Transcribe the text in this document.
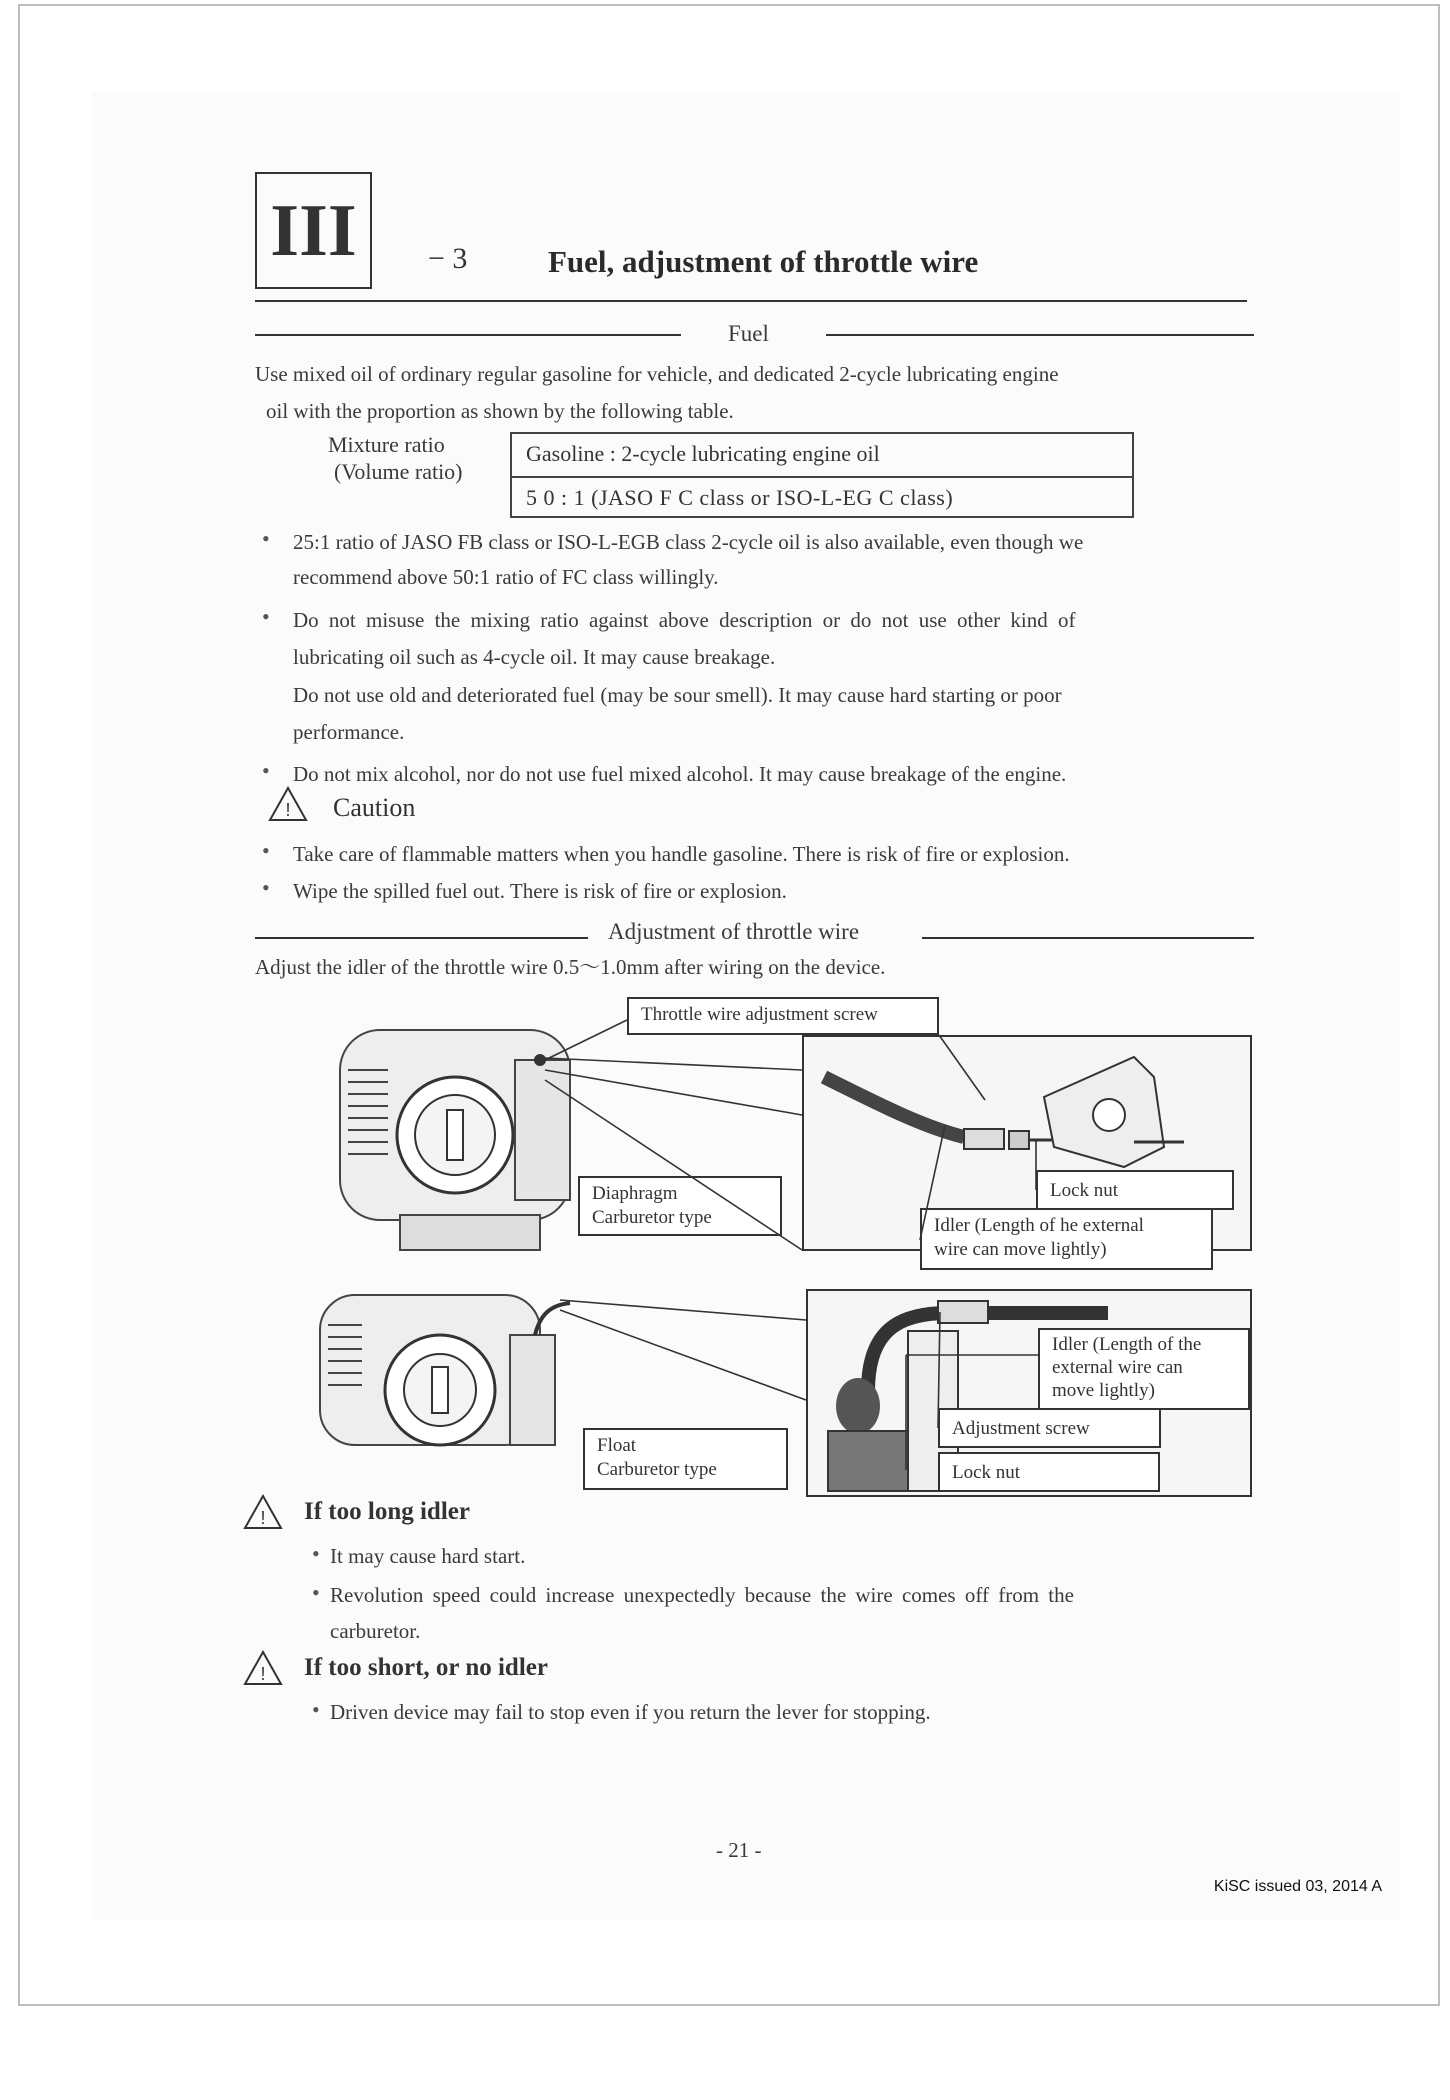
III	− 3	Fuel, adjustment of throttle wire
Fuel
Use mixed oil of ordinary regular gasoline for vehicle, and dedicated 2-cycle lubricating engine
oil with the proportion as shown by the following table.
Mixture ratio
(Volume ratio)
Gasoline : 2-cycle lubricating engine oil
5 0 : 1 (JASO F C class or ISO-L-EG C class)
• 25:1 ratio of JASO FB class or ISO-L-EGB class 2-cycle oil is also available, even though we
recommend above 50:1 ratio of FC class willingly.
• Do not misuse the mixing ratio against above description or do not use other kind of
lubricating oil such as 4-cycle oil. It may cause breakage.
Do not use old and deteriorated fuel (may be sour smell). It may cause hard starting or poor
performance.
• Do not mix alcohol, nor do not use fuel mixed alcohol. It may cause breakage of the engine.
! Caution
• Take care of flammable matters when you handle gasoline. There is risk of fire or explosion.
• Wipe the spilled fuel out. There is risk of fire or explosion.
Adjustment of throttle wire
Adjust the idler of the throttle wire 0.5〜1.0mm after wiring on the device.
Throttle wire adjustment screw
Diaphragm
Carburetor type
Lock nut
Idler (Length of he external
wire can move lightly)
Float
Carburetor type
Idler (Length of the
external wire can
move lightly)
Adjustment screw
Lock nut
! If too long idler
• It may cause hard start.
• Revolution speed could increase unexpectedly because the wire comes off from the
carburetor.
! If too short, or no idler
• Driven device may fail to stop even if you return the lever for stopping.
- 21 -
KiSC issued 03, 2014 A
